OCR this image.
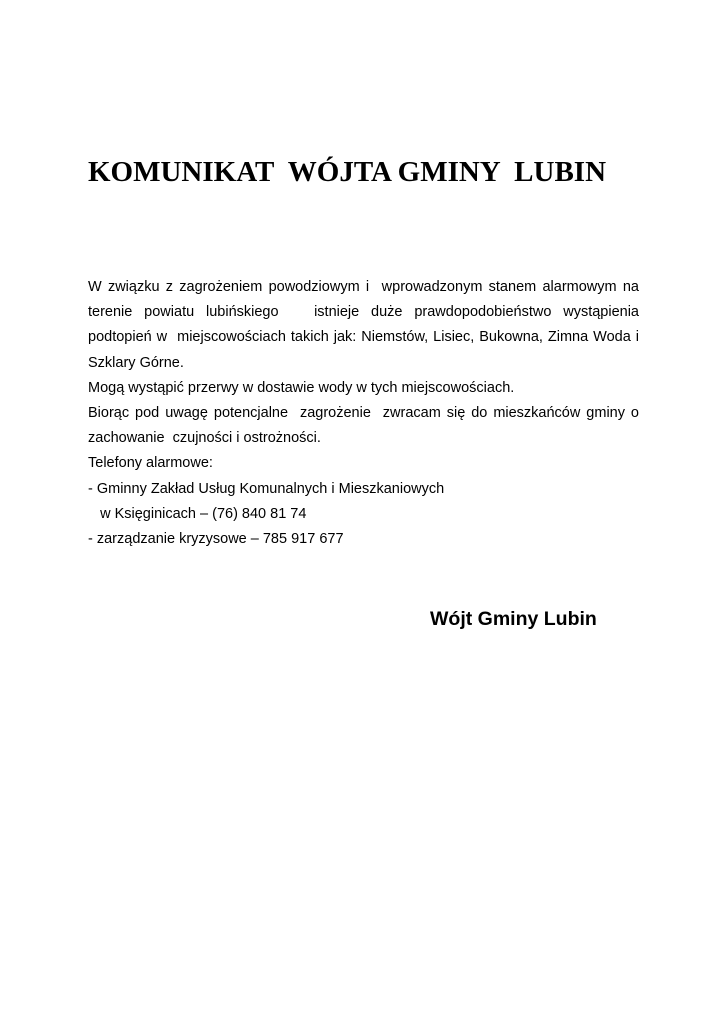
KOMUNIKAT  WÓJTA GMINY  LUBIN

W związku z zagrożeniem powodziowym i  wprowadzonym stanem alarmowym na terenie powiatu lubińskiego   istnieje duże prawdopodobieństwo wystąpienia podtopień w  miejscowościach takich jak: Niemstów, Lisiec, Bukowna, Zimna Woda i Szklary Górne.

Mogą wystąpić przerwy w dostawie wody w tych miejscowościach.

Biorąc pod uwagę potencjalne  zagrożenie  zwracam się do mieszkańców gminy o zachowanie  czujności i ostrożności.

Telefony alarmowe:

- Gminny Zakład Usług Komunalnych i Mieszkaniowych

w Księginicach – (76) 840 81 74

- zarządzanie kryzysowe – 785 917 677

Wójt Gminy Lubin
